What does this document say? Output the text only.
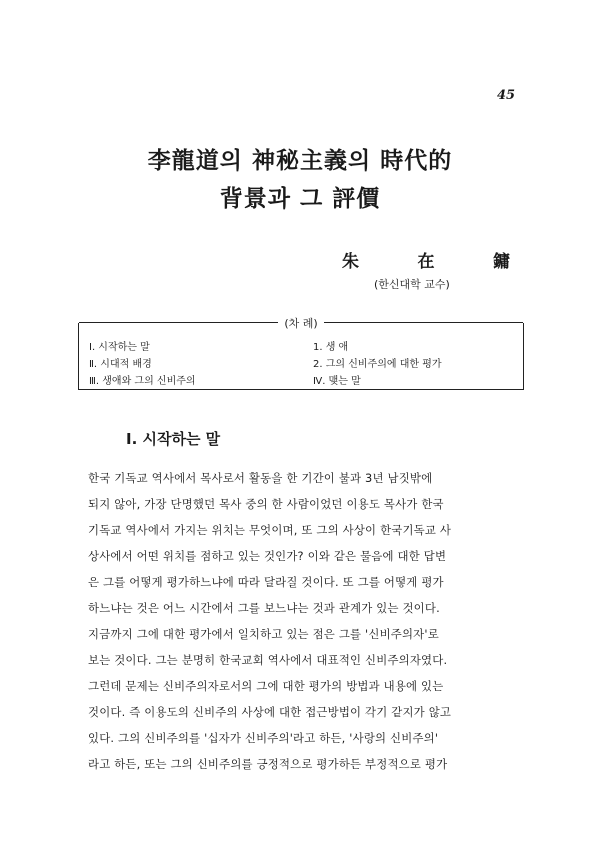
45
李龍道의 神秘主義의 時代的
背景과 그 評價
朱	在	鏞
(한신대학 교수)
(차 례)
Ⅰ. 시작하는 말
Ⅱ. 시대적 배경
Ⅲ. 생애와 그의 신비주의
1. 생 애
2. 그의 신비주의에 대한 평가
Ⅳ. 맺는 말
Ⅰ. 시작하는 말
한국 기독교 역사에서 목사로서 활동을 한 기간이 불과 3년 남짓밖에
되지 않아, 가장 단명했던 목사 중의 한 사람이었던 이용도 목사가 한국
기독교 역사에서 가지는 위치는 무엇이며, 또 그의 사상이 한국기독교 사
상사에서 어떤 위치를 점하고 있는 것인가? 이와 같은 물음에 대한 답변
은 그를 어떻게 평가하느냐에 따라 달라질 것이다. 또 그를 어떻게 평가
하느냐는 것은 어느 시간에서 그를 보느냐는 것과 관계가 있는 것이다.
지금까지 그에 대한 평가에서 일치하고 있는 점은 그를 '신비주의자'로
보는 것이다. 그는 분명히 한국교회 역사에서 대표적인 신비주의자였다.
그런데 문제는 신비주의자로서의 그에 대한 평가의 방법과 내용에 있는
것이다. 즉 이용도의 신비주의 사상에 대한 접근방법이 각기 같지가 않고
있다. 그의 신비주의를 '십자가 신비주의'라고 하든, '사랑의 신비주의'
라고 하든, 또는 그의 신비주의를 긍정적으로 평가하든 부정적으로 평가
